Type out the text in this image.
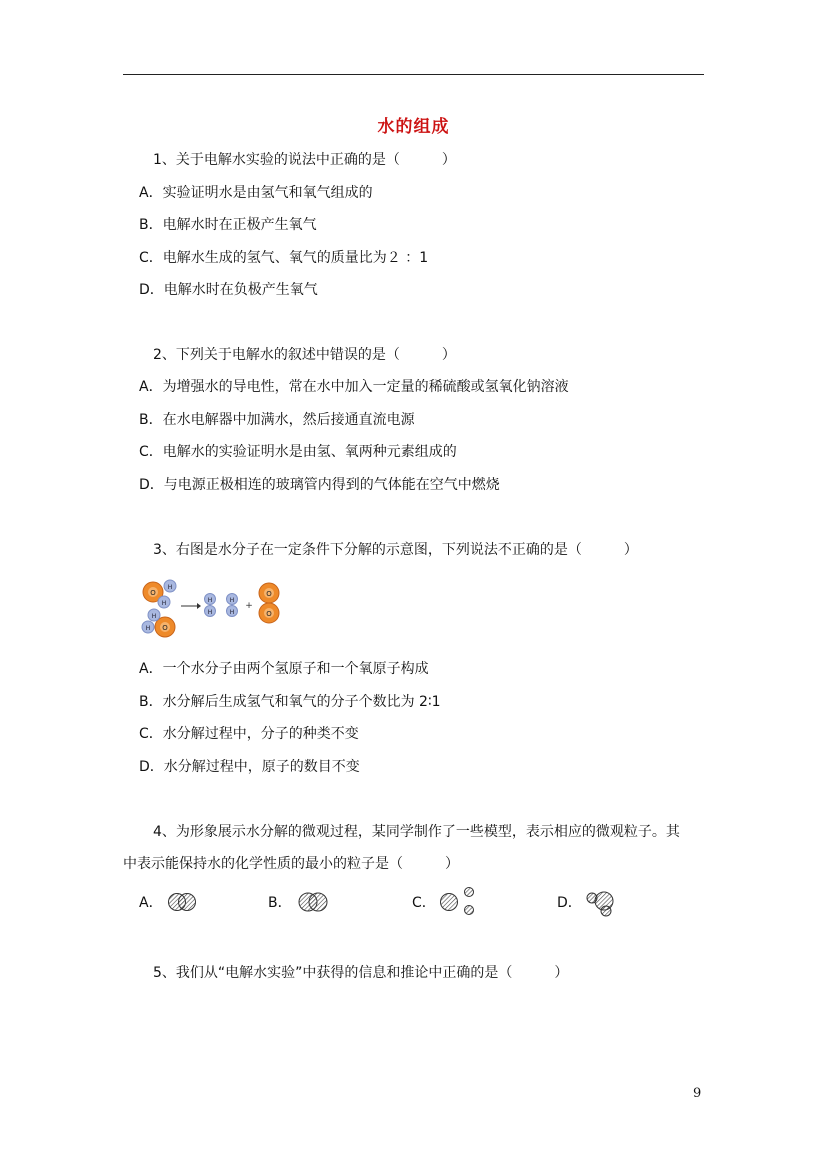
水的组成
1、关于电解水实验的说法中正确的是（　　　）
A．实验证明水是由氢气和氧气组成的
B．电解水时在正极产生氧气
C．电解水生成的氢气、氧气的质量比为２ ：1
D．电解水时在负极产生氧气
2、下列关于电解水的叙述中错误的是（　　　）
A．为增强水的导电性，常在水中加入一定量的稀硫酸或氢氧化钠溶液
B．在水电解器中加满水，然后接通直流电源
C．电解水的实验证明水是由氢、氧两种元素组成的
D．与电源正极相连的玻璃管内得到的气体能在空气中燃烧
3、右图是水分子在一定条件下分解的示意图，下列说法不正确的是（　　　）
O
H
H
O
H
H
H
H
H
H
+
O
O
A．一个水分子由两个氢原子和一个氧原子构成
B．水分解后生成氢气和氧气的分子个数比为 2∶1
C．水分解过程中，分子的种类不变
D．水分解过程中，原子的数目不变
4、为形象展示水分解的微观过程，某同学制作了一些模型，表示相应的微观粒子。其
中表示能保持水的化学性质的最小的粒子是（　　　）
A．	B．	C．	D．
5、我们从“电解水实验”中获得的信息和推论中正确的是（　　　）
9
